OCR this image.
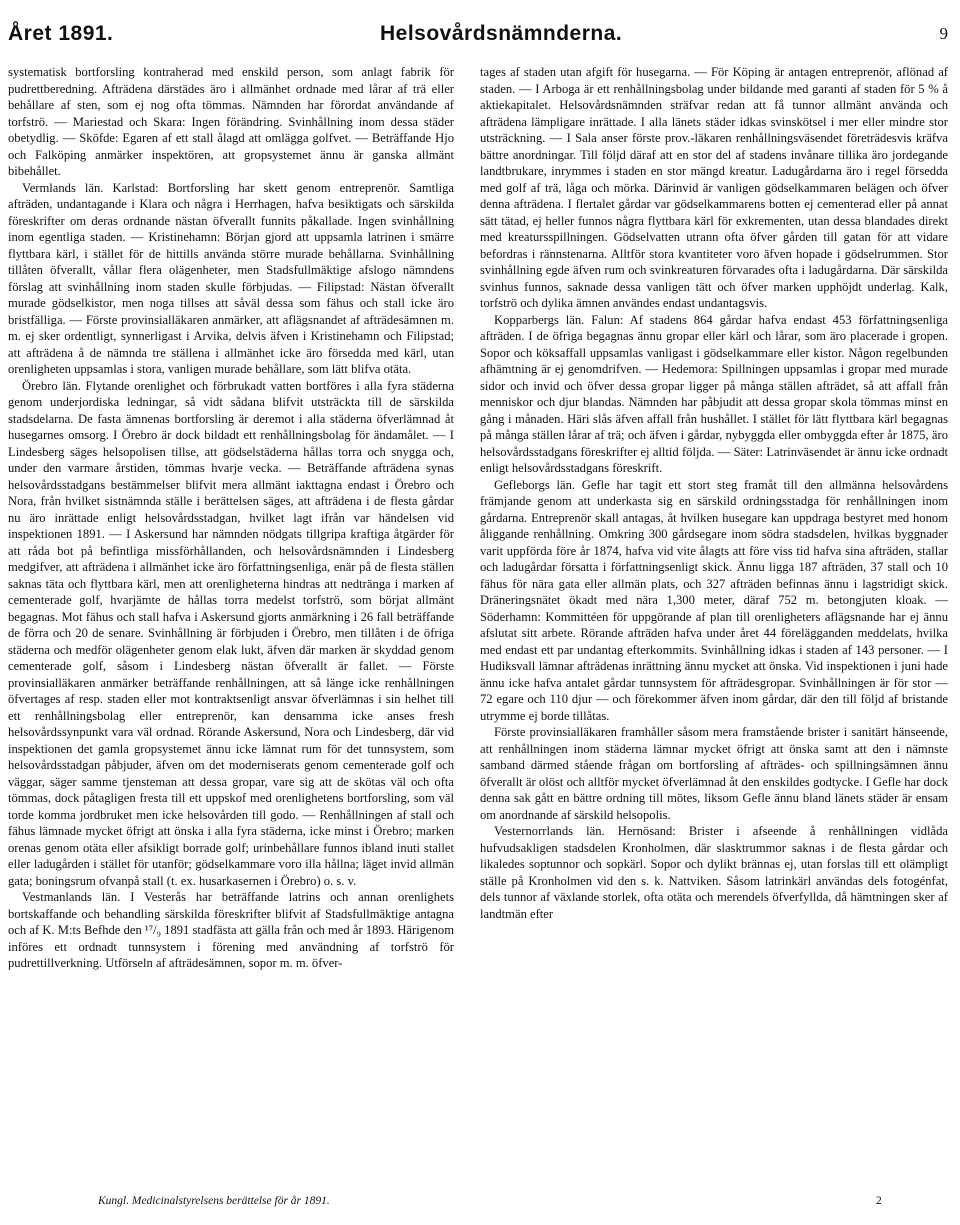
Året 1891.	Helsovårdsnämnderna.	9

systematisk bortforsling kontraherad med enskild person, som anlagt fabrik för pudrettberedning. Afträdena därstädes äro i allmänhet ordnade med lårar af trä eller behållare af sten, som ej nog ofta tömmas. Nämnden har förordat användande af torfströ. — Mariestad och Skara: Ingen förändring. Svinhållning inom dessa städer obetydlig. — Sköfde: Egaren af ett stall ålagd att omlägga golfvet. — Beträffande Hjo och Falköping anmärker inspektören, att gropsystemet ännu är ganska allmänt bibehållet.

Vermlands län. Karlstad: Bortforsling har skett genom entreprenör. Samtliga afträden, undantagande i Klara och några i Herrhagen, hafva besiktigats och särskilda föreskrifter om deras ordnande nästan öfverallt funnits påkallade. Ingen svinhållning inom egentliga staden. — Kristinehamn: Början gjord att uppsamla latrinen i smärre flyttbara kärl, i stället för de hittills använda större murade behållarna. Svinhållning tillåten öfverallt, vållar flera olägenheter, men Stadsfullmäktige afslogo nämndens förslag att svinhållning inom staden skulle förbjudas. — Filipstad: Nästan öfverallt murade gödselkistor, men noga tillses att såväl dessa som fähus och stall icke äro bristfälliga. — Förste provinsialläkaren anmärker, att aflägsnandet af afträdesämnen m. m. ej sker ordentligt, synnerligast i Arvika, delvis äfven i Kristinehamn och Filipstad; att afträdena å de nämnda tre ställena i allmänhet icke äro försedda med kärl, utan orenligheten uppsamlas i stora, vanligen murade behållare, som lätt blifva otäta.

Örebro län. Flytande orenlighet och förbrukadt vatten bortföres i alla fyra städerna genom underjordiska ledningar, så vidt sådana blifvit utsträckta till de särskilda stadsdelarna. De fasta ämnenas bortforsling är deremot i alla städerna öfverlämnad åt husegarnes omsorg. I Örebro är dock bildadt ett renhållningsbolag för ändamålet. — I Lindesberg säges helsopolisen tillse, att gödselstäderna hållas torra och snygga och, under den varmare årstiden, tömmas hvarje vecka. — Beträffande afträdena synas helsovårdsstadgans bestämmelser blifvit mera allmänt iakttagna endast i Örebro och Nora, från hvilket sistnämnda ställe i berättelsen säges, att afträdena i de flesta gårdar nu äro inrättade enligt helsovårdsstadgan, hvilket lagt ifrån var händelsen vid inspektionen 1891. — I Askersund har nämnden nödgats tillgripa kraftiga åtgärder för att råda bot på befintliga missförhållanden, och helsovårdsnämnden i Lindesberg medgifver, att afträdena i allmänhet icke äro författningsenliga, enär på de flesta ställen saknas täta och flyttbara kärl, men att orenligheterna hindras att nedtränga i marken af cementerade golf, hvarjämte de hållas torra medelst torfströ, som börjat allmänt begagnas. Mot fähus och stall hafva i Askersund gjorts anmärkning i 26 fall beträffande de förra och 20 de senare. Svinhållning är förbjuden i Örebro, men tillåten i de öfriga städerna och medför olägenheter genom elak lukt, äfven där marken är skyddad genom cementerade golf, såsom i Lindesberg nästan öfverallt är fallet. — Förste provinsialläkaren anmärker beträffande renhållningen, att så länge icke renhållningen öfvertages af resp. staden eller mot kontraktsenligt ansvar öfverlämnas i sin helhet till ett renhållningsbolag eller entreprenör, kan densamma icke anses fresh helsovårdssynpunkt vara väl ordnad. Rörande Askersund, Nora och Lindesberg, där vid inspektionen det gamla gropsystemet ännu icke lämnat rum för det tunnsystem, som helsovårdsstadgan påbjuder, äfven om det moderniserats genom cementerade golf och väggar, säger samme tjensteman att dessa gropar, vare sig att de skötas väl och ofta tömmas, dock påtagligen fresta till ett uppskof med orenlighetens bortforsling, som väl torde komma jordbruket men icke helsovården till godo. — Renhållningen af stall och fähus lämnade mycket öfrigt att önska i alla fyra städerna, icke minst i Örebro; marken orenas genom otäta eller afsikligt borrade golf; urinbehållare funnos ibland inuti stallet eller ladugården i stället för utanför; gödselkammare voro illa hållna; läget invid allmän gata; boningsrum ofvanpå stall (t. ex. husarkasernen i Örebro) o. s. v.

Vestmanlands län. I Vesterås har beträffande latrins och annan orenlighets bortskaffande och behandling särskilda föreskrifter blifvit af Stadsfullmäktige antagna och af K. M:ts Befhde den ¹⁷/₉ 1891 stadfästa att gälla från och med år 1893. Härigenom införes ett ordnadt tunnsystem i förening med användning af torfströ för pudrettillverkning. Utförseln af afträdesämnen, sopor m. m. öfver-

tages af staden utan afgift för husegarna. — För Köping är antagen entreprenör, aflönad af staden. — I Arboga är ett renhållningsbolag under bildande med garanti af staden för 5 % å aktiekapitalet. Helsovårdsnämnden sträfvar redan att få tunnor allmänt använda och afträdena lämpligare inrättade. I alla länets städer idkas svinskötsel i mer eller mindre stor utsträckning. — I Sala anser förste prov.-läkaren renhållningsväsendet företrädesvis kräfva bättre anordningar. Till följd däraf att en stor del af stadens invånare tillika äro jordegande landtbrukare, inrymmes i staden en stor mängd kreatur. Ladugårdarna äro i regel försedda med golf af trä, låga och mörka. Därinvid är vanligen gödselkammaren belägen och öfver denna afträdena. I flertalet gårdar var gödselkammarens botten ej cementerad eller på annat sätt tätad, ej heller funnos några flyttbara kärl för exkrementen, utan dessa blandades direkt med kreatursspillningen. Gödselvatten utrann ofta öfver gården till gatan för att vidare befordras i rännstenarna. Alltför stora kvantiteter voro äfven hopade i gödselrummen. Stor svinhållning egde äfven rum och svinkreaturen förvarades ofta i ladugårdarna. Där särskilda svinhus funnos, saknade dessa vanligen tätt och öfver marken upphöjdt underlag. Kalk, torfströ och dylika ämnen användes endast undantagsvis.

Kopparbergs län. Falun: Af stadens 864 gårdar hafva endast 453 författningsenliga afträden. I de öfriga begagnas ännu gropar eller kärl och lårar, som äro placerade i gropen. Sopor och köksaffall uppsamlas vanligast i gödselkammare eller kistor. Någon regelbunden afhämtning är ej genomdrifven. — Hedemora: Spillningen uppsamlas i gropar med murade sidor och invid och öfver dessa gropar ligger på många ställen afträdet, så att affall från menniskor och djur blandas. Nämnden har påbjudit att dessa gropar skola tömmas minst en gång i månaden. Häri slås äfven affall från hushållet. I stället för lätt flyttbara kärl begagnas på många ställen lårar af trä; och äfven i gårdar, nybyggda eller ombyggda efter år 1875, äro helsovårdsstadgans föreskrifter ej alltid följda. — Säter: Latrinväsendet är ännu icke ordnadt enligt helsovårdsstadgans föreskrift.

Gefleborgs län. Gefle har tagit ett stort steg framåt till den allmänna helsovårdens främjande genom att underkasta sig en särskild ordningsstadga för renhållningen inom gårdarna. Entreprenör skall antagas, åt hvilken husegare kan uppdraga bestyret med honom åliggande renhållning. Omkring 300 gårdsegare inom södra stadsdelen, hvilkas byggnader varit uppförda före år 1874, hafva vid vite ålagts att före viss tid hafva sina afträden, stallar och ladugårdar försatta i författningsenligt skick. Ännu ligga 187 afträden, 37 stall och 10 fähus för nära gata eller allmän plats, och 327 afträden befinnas ännu i lagstridigt skick. Dräneringsnätet ökadt med nära 1,300 meter, däraf 752 m. betongjuten kloak. — Söderhamn: Kommittéen för uppgörande af plan till orenligheters aflägsnande har ej ännu afslutat sitt arbete. Rörande afträden hafva under året 44 förelägganden meddelats, hvilka med endast ett par undantag efterkommits. Svinhållning idkas i staden af 143 personer. — I Hudiksvall lämnar afträdenas inrättning ännu mycket att önska. Vid inspektionen i juni hade ännu icke hafva antalet gårdar tunnsystem för afträdesgropar. Svinhållningen är för stor — 72 egare och 110 djur — och förekommer äfven inom gårdar, där den till följd af bristande utrymme ej borde tillåtas.

Förste provinsialläkaren framhåller såsom mera framstående brister i sanitärt hänseende, att renhållningen inom städerna lämnar mycket öfrigt att önska samt att den i nämnste samband därmed stående frågan om bortforsling af afträdes- och spillningsämnen ännu öfverallt är olöst och alltför mycket öfverlämnad åt den enskildes godtycke. I Gefle har dock denna sak gått en bättre ordning till mötes, liksom Gefle ännu bland länets städer är ensam om anordnande af särskild helsopolis.

Vesternorrlands län. Hernösand: Brister i afseende å renhållningen vidlåda hufvudsakligen stadsdelen Kronholmen, där slasktrummor saknas i de flesta gårdar och likaledes soptunnor och sopkärl. Sopor och dylikt brännas ej, utan forslas till ett olämpligt ställe på Kronholmen vid den s. k. Nattviken. Såsom latrinkärl användas dels fotogénfat, dels tunnor af växlande storlek, ofta otäta och merendels öfverfyllda, då hämtningen sker af landtmän efter

Kungl. Medicinalstyrelsens berättelse för år 1891.	2
